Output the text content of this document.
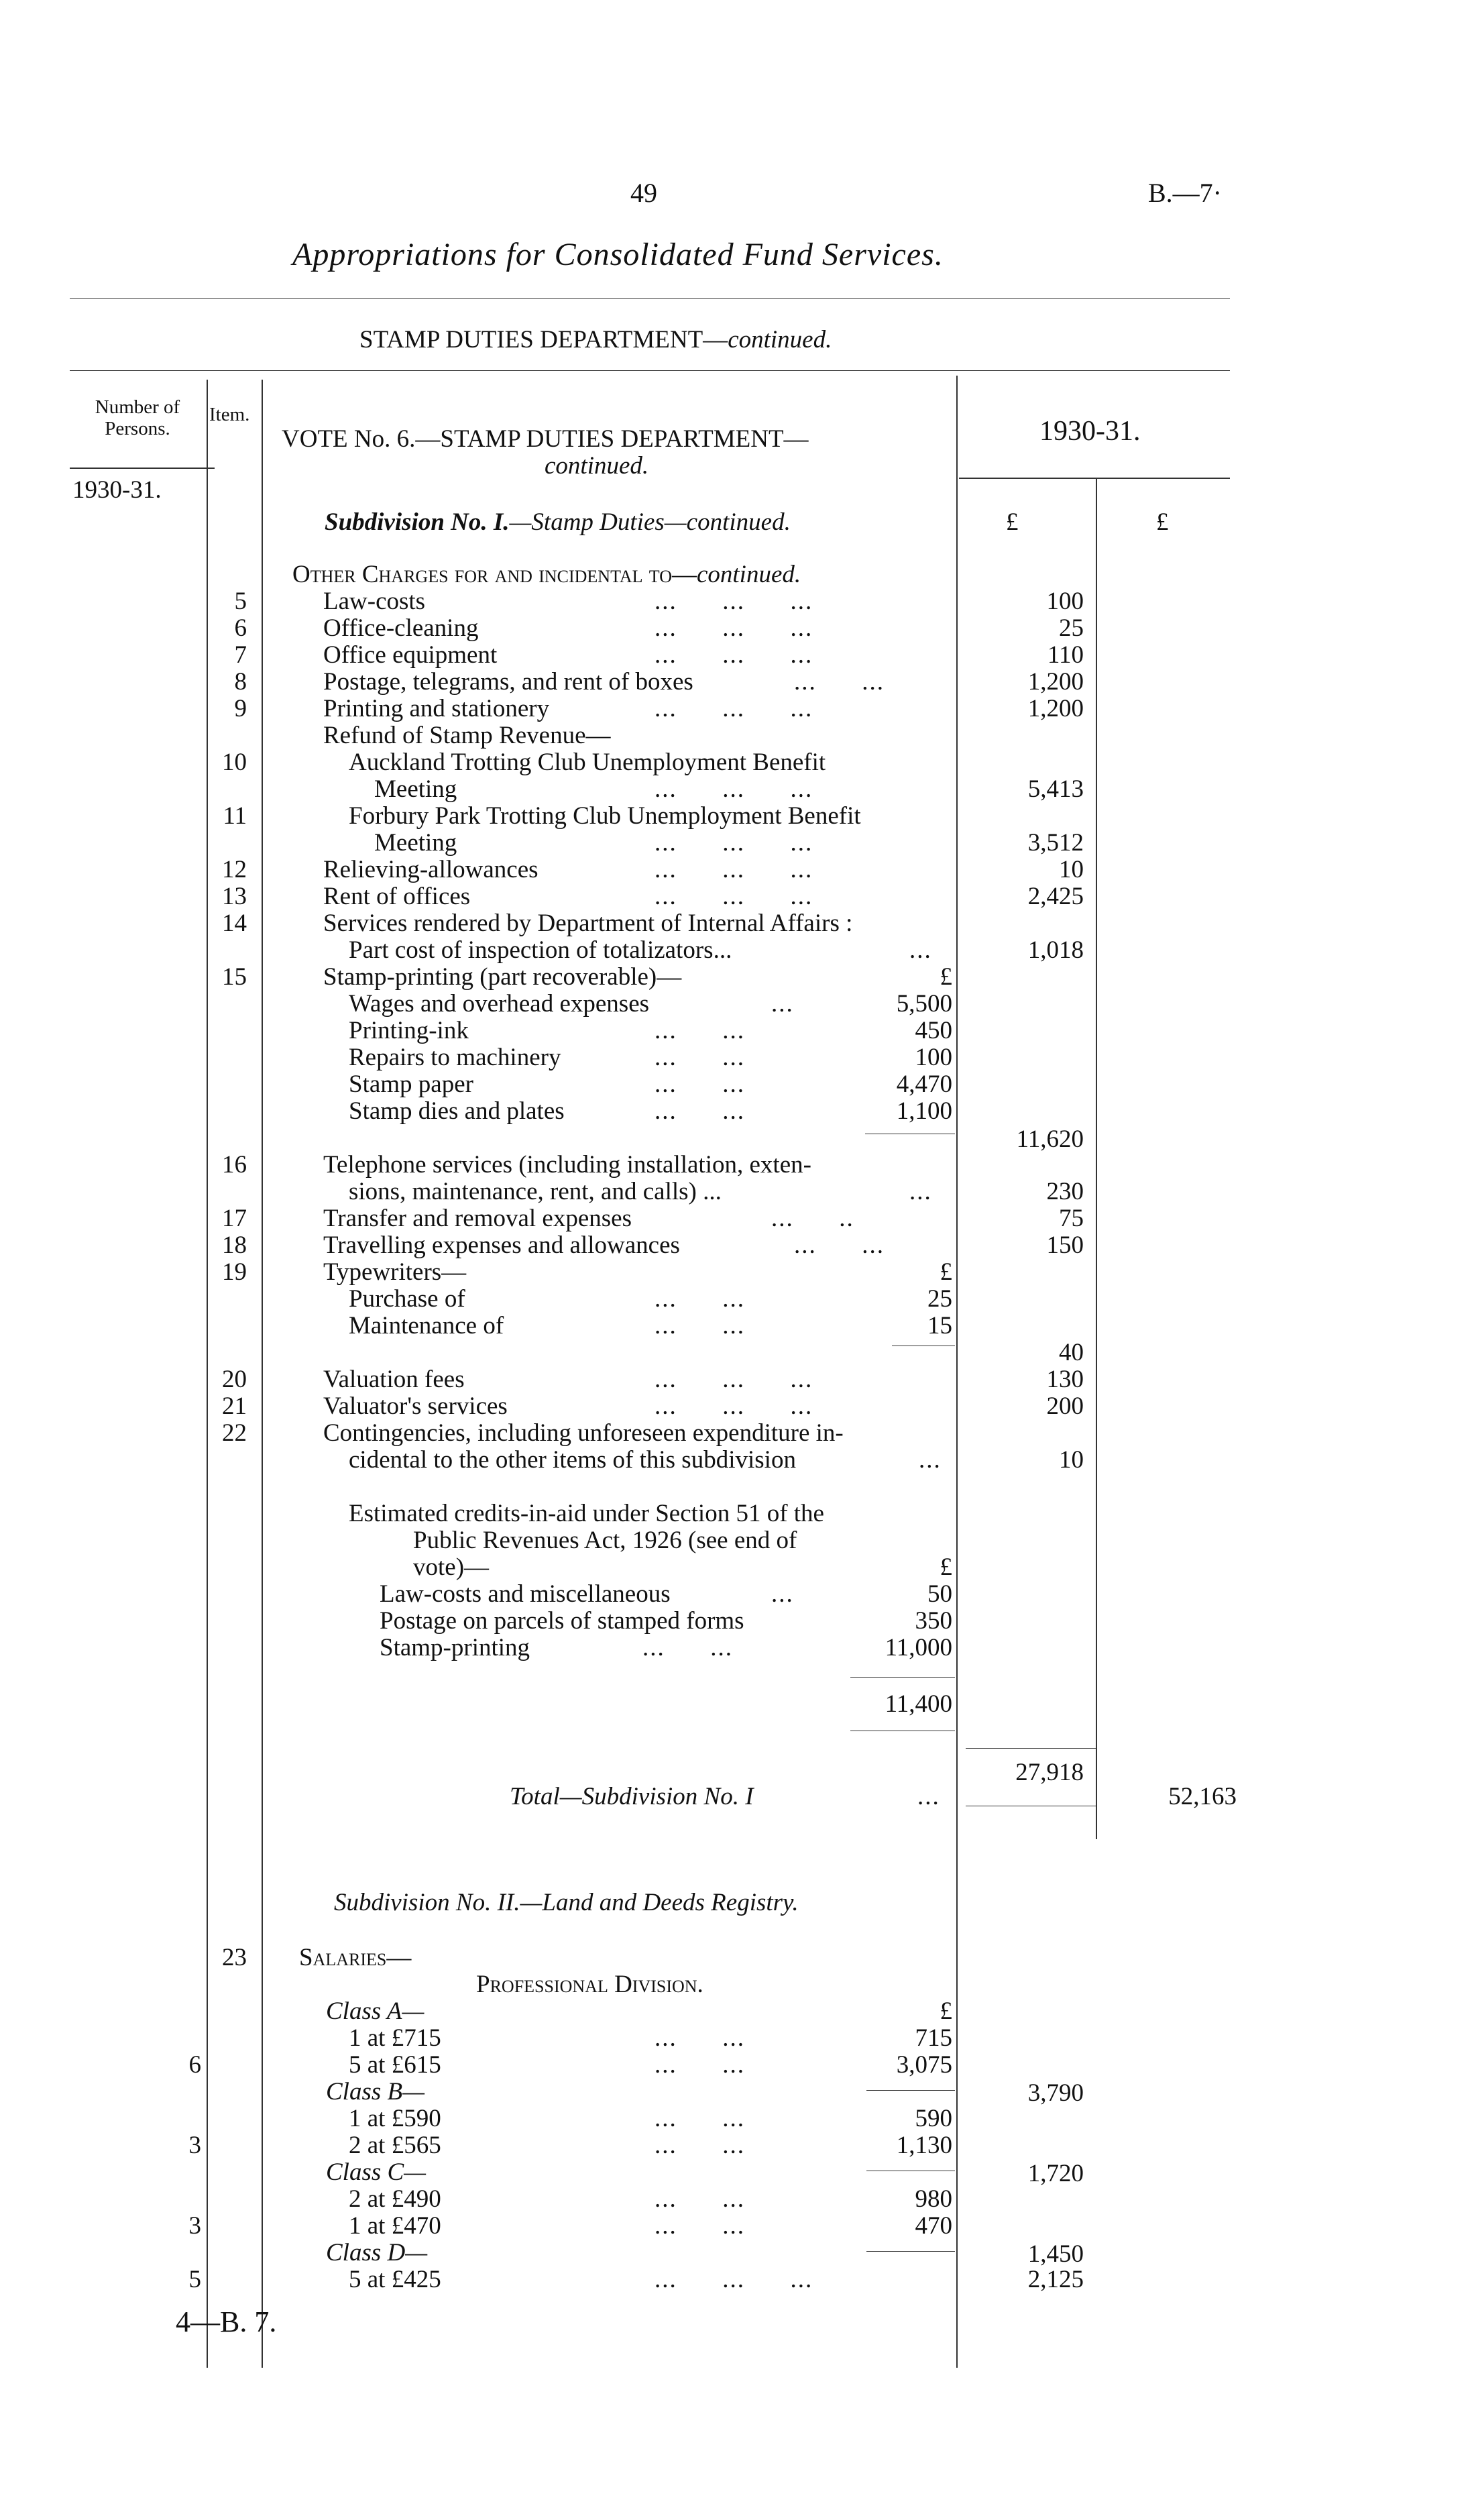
49	B.—7·
Appropriations for Consolidated Fund Services.
STAMP DUTIES DEPARTMENT—continued.
Number of Persons.
Item.
VOTE No. 6.—STAMP DUTIES DEPARTMENT—
continued.
1930-31.
1930-31.
£	£
Subdivision No. I.—Stamp Duties—continued.
Other Charges for and incidental to—continued.
5	Law-costs	...      ...      ...	100
6	Office-cleaning	...      ...      ...	25
7	Office equipment	...      ...      ...	110
8	Postage, telegrams, and rent of boxes	...      ...	1,200
9	Printing and stationery	...      ...      ...	1,200
Refund of Stamp Revenue—
10	Auckland Trotting Club Unemployment Benefit
Meeting	...      ...      ...	5,413
11	Forbury Park Trotting Club Unemployment Benefit
Meeting	...      ...      ...	3,512
12	Relieving-allowances	...      ...      ...	10
13	Rent of offices	...      ...      ...	2,425
14	Services rendered by Department of Internal Affairs :
Part cost of inspection of totalizators...	...	1,018
15	Stamp-printing (part recoverable)—	£
Wages and overhead expenses	...	5,500
Printing-ink	...      ...	450
Repairs to machinery	...      ...	100
Stamp paper	...      ...	4,470
Stamp dies and plates	...      ...	1,100
11,620
16	Telephone services (including installation, exten-
sions, maintenance, rent, and calls) ...	...	230
17	Transfer and removal expenses	...      ..	75
18	Travelling expenses and allowances	...      ...	150
19	Typewriters—	£
Purchase of	...      ...	25
Maintenance of	...      ...	15
40
20	Valuation fees	...      ...      ...	130
21	Valuator's services	...      ...      ...	200
22	Contingencies, including unforeseen expenditure in-
cidental to the other items of this subdivision	...	10
Estimated credits-in-aid under Section 51 of the
Public Revenues Act, 1926 (see end of
vote)—	£
Law-costs and miscellaneous	...	50
Postage on parcels of stamped forms	350
Stamp-printing	...      ...	11,000
11,400
27,918
Total—Subdivision No. I	...	52,163
Subdivision No. II.—Land and Deeds Registry.
23 Salaries—
Professional Division.
Class A—	£
1 at £715	...      ...	715
6	5 at £615	...      ...	3,075
3,790
Class B—
1 at £590	...      ...	590
3	2 at £565	...      ...	1,130
1,720
Class C—
2 at £490	...      ...	980
3	1 at £470	...      ...	470
1,450
Class D—
5	5 at £425	...      ...      ...	2,125
4—B. 7.
